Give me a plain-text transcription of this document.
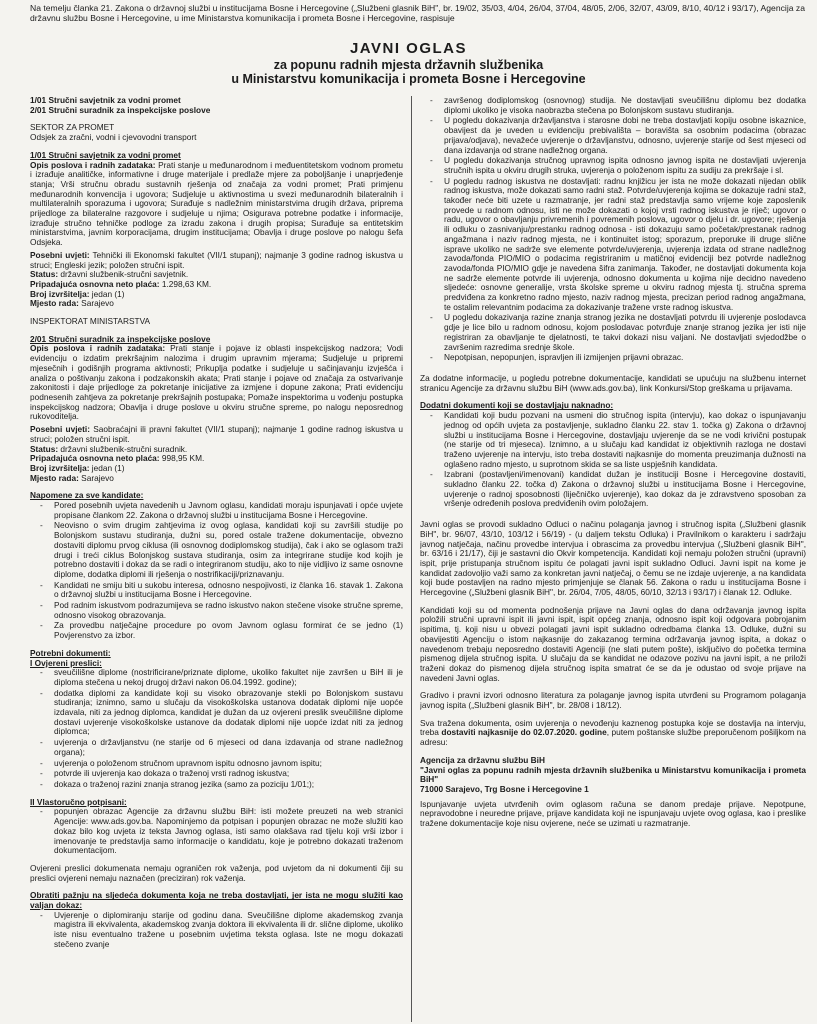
Na temelju članka 21. Zakona o državnoj službi u institucijama Bosne i Hercegovine („Službeni glasnik BiH", br. 19/02, 35/03, 4/04, 26/04, 37/04, 48/05, 2/06, 32/07, 43/09, 8/10, 40/12 i 93/17), Agencija za državnu službu Bosne i Hercegovine, u ime Ministarstva komunikacija i prometa Bosne i Hercegovine, raspisuje

JAVNI OGLAS
za popunu radnih mjesta državnih službenika
u Ministarstvu komunikacija i prometa Bosne i Hercegovine
1/01 Stručni savjetnik za vodni promet
2/01 Stručni suradnik za inspekcijske poslove
SEKTOR ZA PROMET
Odsjek za zračni, vodni i cjevovodni transport
1/01 Stručni savjetnik za vodni promet

Opis poslova i radnih zadataka: Prati stanje u međunarodnom i međuentitetskom vodnom prometu i izrađuje analitičke, informativne i druge materijale i predlaže mjere za poboljšanje i unaprjeđenje stanja; Vrši stručnu obradu sustavnih rješenja od značaja za vodni promet; Prati primjenu međunarodnih konvencija i ugovora; Sudjeluje u aktivnostima u svezi međunarodnih bilateralnih i multilateralnih sporazuma i ugovora; Surađuje s nadležnim ministarstvima drugih država, priprema prijedloge za bilateralne razgovore i sudjeluje u njima; Osigurava potrebne podatke i informacije, izrađuje stručno tehničke podloge za izradu zakona i drugih propisa; Surađuje sa entitetskim ministarstvima, javnim korporacijama, drugim institucijama; Obavlja i druge poslove po nalogu šefa Odsjeka.

Posebni uvjeti: Tehnički ili Ekonomski fakultet (VII/1 stupanj); najmanje 3 godine radnog iskustva u struci; Engleski jezik; položen stručni ispit.
Status: državni službenik-stručni savjetnik.
Pripadajuća osnovna neto plaća: 1.298,63 KM.
Broj izvršitelja: jedan (1)
Mjesto rada: Sarajevo
INSPEKTORAT MINISTARSTVA
2/01 Stručni suradnik za inspekcijske poslove

Opis poslova i radnih zadataka: Prati stanje i pojave iz oblasti inspekcijskog nadzora; Vodi evidenciju o izdatim prekršajnim nalozima i drugim upravnim mjerama; Sudjeluje u pripremi mjesečnih i godišnjih programa aktivnosti; Prikuplja podatke i sudjeluje u sačinjavanju izvješća i analiza o poštivanju zakona i podzakonskih akata; Prati stanje i pojave od značaja za ostvarivanje zakonitosti i daje prijedloge za pokretanje inicijative za izmjene i dopune zakona; Prati evidenciju podnesenih zahtjeva za pokretanje prekršajnih postupaka; Pomaže inspektorima u vođenju postupka inspekcijskog nadzora; Obavlja i druge poslove u okviru stručne spreme, po nalogu neposrednog rukovoditelja.

Posebni uvjeti: Saobraćajni ili pravni fakultet (VII/1 stupanj); najmanje 1 godine radnog iskustva u struci; položen stručni ispit.
Status: državni službenik-stručni suradnik.
Pripadajuća osnovna neto plaća: 998,95 KM.
Broj izvršitelja: jedan (1)
Mjesto rada: Sarajevo
Napomene za sve kandidate:
- Pored posebnih uvjeta navedenih u Javnom oglasu, kandidati moraju ispunjavati i opće uvjete propisane člankom 22. Zakona o državnoj službi u institucijama Bosne i Hercegovine.
- Neovisno o svim drugim zahtjevima iz ovog oglasa, kandidati koji su završili studije po Bolonjskom sustavu studiranja, dužni su, pored ostale tražene dokumentacije, obvezno dostaviti diplomu prvog ciklusa (ili osnovnog dodiplomskog studija), čak i ako se oglasom traži drugi i treći ciklus Bolonjskog sustava studiranja, osim za integrirane studije kod kojih je potrebno dostaviti i dokaz da se radi o integriranom studiju, ako to nije vidljivo iz same osnovne diplome, dodatka diplomi ili rješenja o nostrifikaciji/priznavanju.
- Kandidati ne smiju biti u sukobu interesa, odnosno nespojivosti, iz članka 16. stavak 1. Zakona o državnoj službi u institucijama Bosne i Hercegovine.
- Pod radnim iskustvom podrazumijeva se radno iskustvo nakon stečene visoke stručne spreme, odnosno visokog obrazovanja.
- Za provedbu natječajne procedure po ovom Javnom oglasu formirat će se jedno (1) Povjerenstvo za izbor.
Potrebni dokumenti:
I Ovjereni preslici:
- sveučilišne diplome (nostrificirane/priznate diplome, ukoliko fakultet nije završen u BiH ili je diploma stečena u nekoj drugoj državi nakon 06.04.1992. godine);
- dodatka diplomi za kandidate koji su visoko obrazovanje stekli po Bolonjskom sustavu studiranja; iznimno, samo u slučaju da visokoškolska ustanova dodatak diplomi nije uopće izdavala, niti za jednog diplomca, kandidat je dužan da uz ovjereni preslik sveučilišne diplome dostavi uvjerenje visokoškolske ustanove da dodatak diplomi nije uopće izdat niti za jednog diplomca;
- uvjerenja o državljanstvu (ne starije od 6 mjeseci od dana izdavanja od strane nadležnog organa);
- uvjerenja o položenom stručnom upravnom ispitu odnosno javnom ispitu;
- potvrde ili uvjerenja kao dokaza o traženoj vrsti radnog iskustva;
- dokaza o traženoj razini znanja stranog jezika (samo za poziciju 1/01;);
II Vlastoručno potpisani:
- popunjen obrazac Agencije za državnu službu BiH: isti možete preuzeti na web stranici Agencije: www.ads.gov.ba. Napominjemo da potpisan i popunjen obrazac ne može služiti kao dokaz bilo kog uvjeta iz teksta Javnog oglasa, isti samo olakšava rad tijelu koji vrši izbor i imenovanje te predstavlja samo informacije o kandidatu, koje je potrebno dokazati traženom dokumentacijom.

Ovjereni preslici dokumenata nemaju ograničen rok važenja, pod uvjetom da ni dokumenti čiji su preslici ovjereni nemaju naznačen (preciziran) rok važenja.

Obratiti pažnju na sljedeća dokumenta koja ne treba dostavljati, jer ista ne mogu služiti kao valjan dokaz:
- Uvjerenje o diplomiranju starije od godinu dana. Sveučilišne diplome akademskog zvanja magistra ili ekvivalenta, akademskog zvanja doktora ili ekvivalenta ili dr. slične diplome, ukoliko iste nisu eventualno tražene u posebnim uvjetima teksta oglasa. Iste ne mogu dokazati stečeno zvanje
- završenog dodiplomskog (osnovnog) studija. Ne dostavljati sveučilišnu diplomu bez dodatka diplomi ukoliko je visoka naobrazba stečena po Bolonjskom sustavu studiranja.
- U pogledu dokazivanja državljanstva i starosne dobi ne treba dostavljati kopiju osobne iskaznice, obavijest da je uveden u evidenciju prebivališta – boravišta sa osobnim podacima (obrazac prijava/odjava), nevažeće uvjerenje o državljanstvu, odnosno, uvjerenje starije od šest mjeseci od dana izdavanja od strane nadležnog organa.
- U pogledu dokazivanja stručnog upravnog ispita odnosno javnog ispita ne dostavljati uvjerenja stručnih ispita u okviru drugih struka, uvjerenja o položenom ispitu za sudiju za prekršaje i sl.
- U pogledu radnog iskustva ne dostavljati: radnu knjižicu jer ista ne može dokazati nijedan oblik radnog iskustva, može dokazati samo radni staž. Potvrde/uvjerenja kojima se dokazuje radni staž, također neće biti uzete u razmatranje, jer radni staž predstavlja samo vrijeme koje zaposlenik provede u radnom odnosu, isti ne može dokazati o kojoj vrsti radnog iskustva je riječ; ugovor o radu, ugovor o obavljanju privremenih i povremenih poslova, ugovor o djelu i dr. ugovore; rješenja ili odluku o zasnivanju/prestanku radnog odnosa - isti dokazuju samo početak/prestanak radnog angažmana i naziv radnog mjesta, ne i kontinuitet istog; sporazum, preporuke ili druge slične isprave ukoliko ne sadrže sve elemente potvrde/uvjerenja, uvjerenja izdata od strane nadležnog zavoda/fonda PIO/MIO o podacima registriranim u matičnoj evidenciji bez potvrde nadležnog zavoda/fonda PIO/MIO gdje je navedena šifra zanimanja. Također, ne dostavljati dokumenta koja ne sadrže elemente potvrde ili uvjerenja, odnosno dokumenta u kojima nije decidno navedeno sljedeće: osnovne generalije, vrsta školske spreme u okviru radnog mjesta tj. stručna sprema predviđena za konkretno radno mjesto, naziv radnog mjesta, precizan period radnog angažmana, te ostalim relevantnim podacima za dokazivanje tražene vrste radnog iskustva.
- U pogledu dokazivanja razine znanja stranog jezika ne dostavljati potvrdu ili uvjerenje poslodavca gdje je lice bilo u radnom odnosu, kojom poslodavac potvrđuje znanje stranog jezika jer isti nije registriran za obavljanje te djelatnosti, te takvi dokazi nisu valjani. Ne dostavljati svjedodžbe o završenim razredima srednje škole.
- Nepotpisan, nepopunjen, ispravljen ili izmijenjen prijavni obrazac.

Za dodatne informacije, u pogledu potrebne dokumentacije, kandidati se upućuju na službenu internet stranicu Agencije za državnu službu BiH (www.ads.gov.ba), link Konkursi/Stop greškama u prijavama.

Dodatni dokumenti koji se dostavljaju naknadno:
- Kandidati koji budu pozvani na usmeni dio stručnog ispita (intervju), kao dokaz o ispunjavanju jednog od općih uvjeta za postavljenje, sukladno članku 22. stav 1. točka g) Zakona o državnoj službi u institucijama Bosne i Hercegovine, dostavljaju uvjerenje da se ne vodi krivični postupak (ne starije od tri mjeseca). Iznimno, a u slučaju kad kandidat iz objektivnih razloga ne dostavi traženo uvjerenje na intervju, isto treba dostaviti najkasnije do momenta preuzimanja dužnosti na oglašeno radno mjesto, u suprotnom skida se sa liste uspješnih kandidata.
- Izabrani (postavljeni/imenovani) kandidat dužan je instituciji Bosne i Hercegovine dostaviti, sukladno članku 22. točka d) Zakona o državnoj službi u institucijama Bosne i Hercegovine, uvjerenje o radnoj sposobnosti (liječničko uvjerenje), kao dokaz da je zdravstveno sposoban za vršenje određenih poslova predviđenih ovim položajem.

Javni oglas se provodi sukladno Odluci o načinu polaganja javnog i stručnog ispita („Službeni glasnik BiH", br. 96/07, 43/10, 103/12 i 56/19) - (u daljem tekstu Odluka) i Pravilnikom o karakteru i sadržaju javnog natječaja, načinu provedbe intervjua i obrascima za provedbu intervjua („Službeni glasnik BiH", br. 63/16 i 21/17), čiji je sastavni dio Okvir kompetencija. Kandidati koji nemaju položen stručni (upravni) ispit, prije pristupanja stručnom ispitu će polagati javni ispit sukladno Odluci. Javni ispit na kome je kandidat zadovoljio važi samo za konkretan javni natječaj, o čemu se ne izdaje uvjerenje, a na kandidata koji bude postavljen na radno mjesto primjenjuje se članak 56. Zakona o radu u institucijama Bosne i Hercegovine („Službeni glasnik BiH", br. 26/04, 7/05, 48/05, 60/10, 32/13 i 93/17) i članak 12. Odluke.

Kandidati koji su od momenta podnošenja prijave na Javni oglas do dana održavanja javnog ispita položili stručni upravni ispit ili javni ispit, ispit općeg znanja, odnosno ispit koji odgovara pobrojanim ispitima, tj. koji nisu u obvezi polagati javni ispit sukladno odredbama članka 13. Odluke, dužni su obavijestiti Agenciju o istom najkasnije do zakazanog termina održavanja javnog ispita, a dokaz o navedenom trebaju neposredno dostaviti Agenciji (ne slati putem pošte), isključivo do početka termina pismenog dijela stručnog ispita. U slučaju da se kandidat ne odazove pozivu na javni ispit, a ne priloži traženi dokaz do pismenog dijela stručnog ispita smatrat će se da je odustao od svoje prijave na navedeni Javni oglas.

Gradivo i pravni izvori odnosno literatura za polaganje javnog ispita utvrđeni su Programom polaganja javnog ispita („Službeni glasnik BiH", br. 28/08 i 18/12).

Sva tražena dokumenta, osim uvjerenja o nevođenju kaznenog postupka koje se dostavlja na intervju, treba dostaviti najkasnije do 02.07.2020. godine, putem poštanske službe preporučenom pošiljkom na adresu:

Agencija za državnu službu BiH
"Javni oglas za popunu radnih mjesta državnih službenika u Ministarstvu komunikacija i prometa BiH"
71000 Sarajevo, Trg Bosne i Hercegovine 1

Ispunjavanje uvjeta utvrđenih ovim oglasom računa se danom predaje prijave. Nepotpune, nepravodobne i neuredne prijave, prijave kandidata koji ne ispunjavaju uvjete ovog oglasa, kao i preslike tražene dokumentacije koje nisu ovjerene, neće se uzimati u razmatranje.
